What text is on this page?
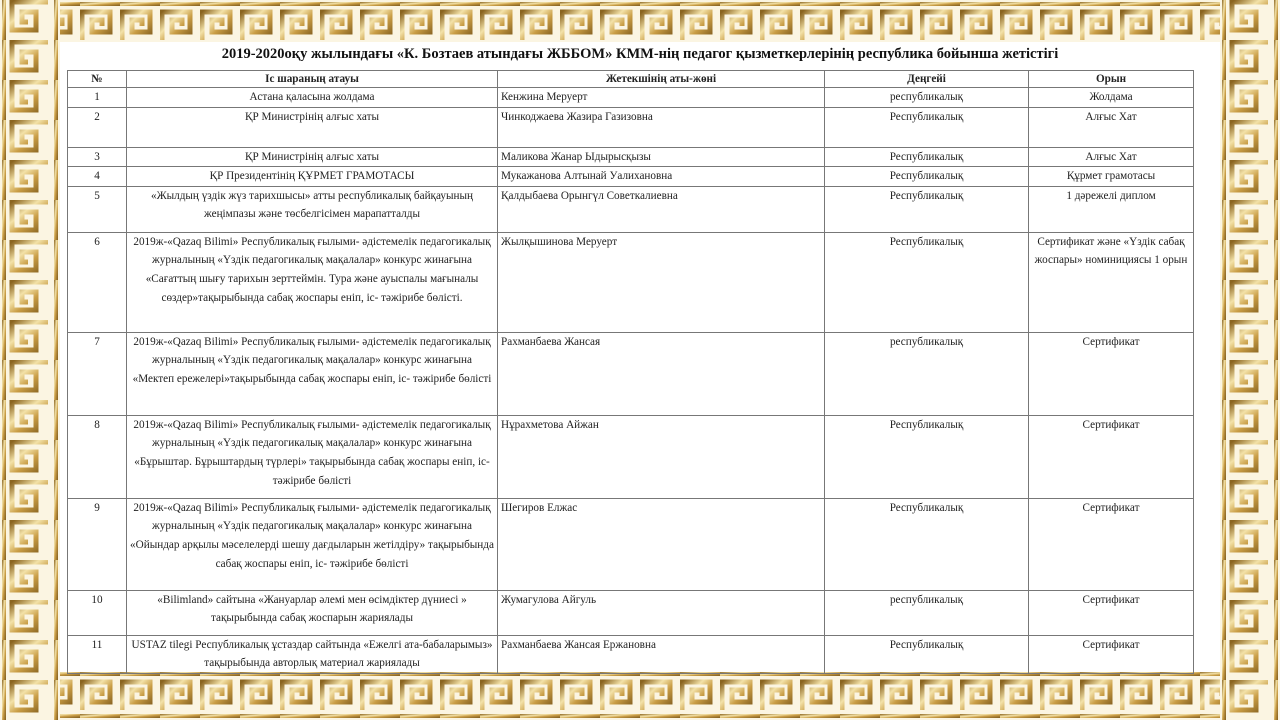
2019-2020оқу жылындағы «К. Бозтаев атындағы ЖББОМ» КММ-нің педагог қызметкерлерінің республика бойынша жетістігі
№	Іс шараның атауы	Жетекшінің аты-жөні	Деңгейі	Орын
1	Астана қаласына жолдама	Кенжина Меруерт	республикалық	Жолдама
2	ҚР Министрінің алғыс хаты	Чинкоджаева Жазира Газизовна	Республикалық	Алғыс Хат
3	ҚР Министрінің алғыс хаты	Маликова Жанар Ыдырысқызы	Республикалық	Алғыс Хат
4	ҚР Президентінің ҚҰРМЕТ ГРАМОТАСЫ	Мукажанова Алтынай Уалихановна	Республикалық	Құрмет грамотасы
5	«Жылдың үздік жүз тарихшысы» атты республикалық байқауының жеңімпазы және төсбелгісімен марапатталды	Қалдыбаева Орынгүл Советкалиевна	Республикалық	1 дәрежелі диплом
6	2019ж-«Qazaq Bilimi» Республикалық ғылыми- әдістемелік педагогикалық журналының «Үздік педагогикалық мақалалар» конкурс жинағына «Сағаттың шығу тарихын зерттеймін. Тура және ауыспалы мағыналы сөздер»тақырыбында сабақ жоспары еніп, іс- тәжірибе бөлісті.	Жылқышинова Меруерт	Республикалық	Сертификат және «Үздік сабақ жоспары» номинициясы 1 орын
7	2019ж-«Qazaq Bilimi» Республикалық ғылыми- әдістемелік педагогикалық журналының «Үздік педагогикалық мақалалар» конкурс жинағына «Мектеп ережелері»тақырыбында сабақ жоспары еніп, іс- тәжірибе бөлісті	Рахманбаева Жансая	республикалық	Сертификат
8	2019ж-«Qazaq Bilimi» Республикалық ғылыми- әдістемелік педагогикалық журналының «Үздік педагогикалық мақалалар» конкурс жинағына «Бұрыштар. Бұрыштардың түрлері» тақырыбында сабақ жоспары еніп, іс- тәжірибе бөлісті	Нұрахметова Айжан	Республикалық	Сертификат
9	2019ж-«Qazaq Bilimi» Республикалық ғылыми- әдістемелік педагогикалық журналының «Үздік педагогикалық мақалалар» конкурс жинағына «Ойындар арқылы мәселелерді шешу дағдыларын жетілдіру» тақырыбында сабақ жоспары еніп, іс- тәжірибе бөлісті	Шегиров Елжас	Республикалық	Сертификат
10	«Bilimland» сайтына «Жануарлар әлемі мен өсімдіктер дүниесі » тақырыбында сабақ жоспарын жариялады	Жумагулова Айгуль	республикалық	Сертификат
11	USTAZ tilegi Республикалық ұстаздар сайтында «Ежелгі ата-бабаларымыз» тақырыбында авторлық материал жариялады	Рахманбаева Жансая Ержановна	Республикалық	Сертификат
